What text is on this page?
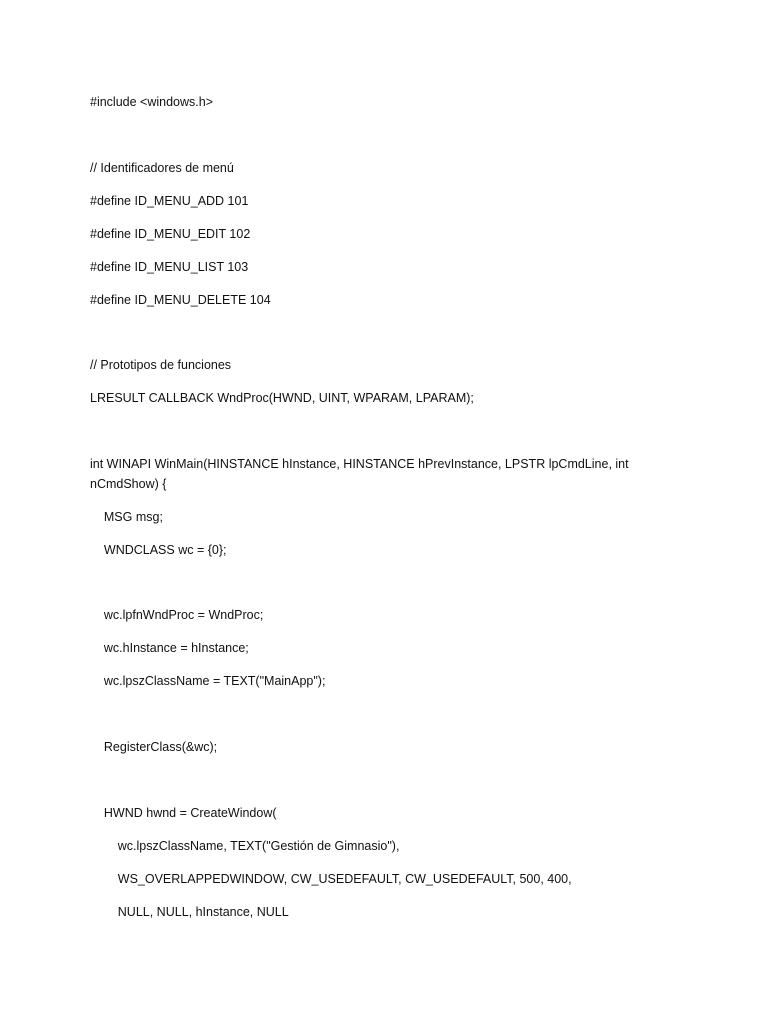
#include <windows.h>
// Identificadores de menú
#define ID_MENU_ADD 101
#define ID_MENU_EDIT 102
#define ID_MENU_LIST 103
#define ID_MENU_DELETE 104
// Prototipos de funciones
LRESULT CALLBACK WndProc(HWND, UINT, WPARAM, LPARAM);
int WINAPI WinMain(HINSTANCE hInstance, HINSTANCE hPrevInstance, LPSTR lpCmdLine, int nCmdShow) {
MSG msg;
WNDCLASS wc = {0};
wc.lpfnWndProc = WndProc;
wc.hInstance = hInstance;
wc.lpszClassName = TEXT("MainApp");
RegisterClass(&wc);
HWND hwnd = CreateWindow(
wc.lpszClassName, TEXT("Gestión de Gimnasio"),
WS_OVERLAPPEDWINDOW, CW_USEDEFAULT, CW_USEDEFAULT, 500, 400,
NULL, NULL, hInstance, NULL
